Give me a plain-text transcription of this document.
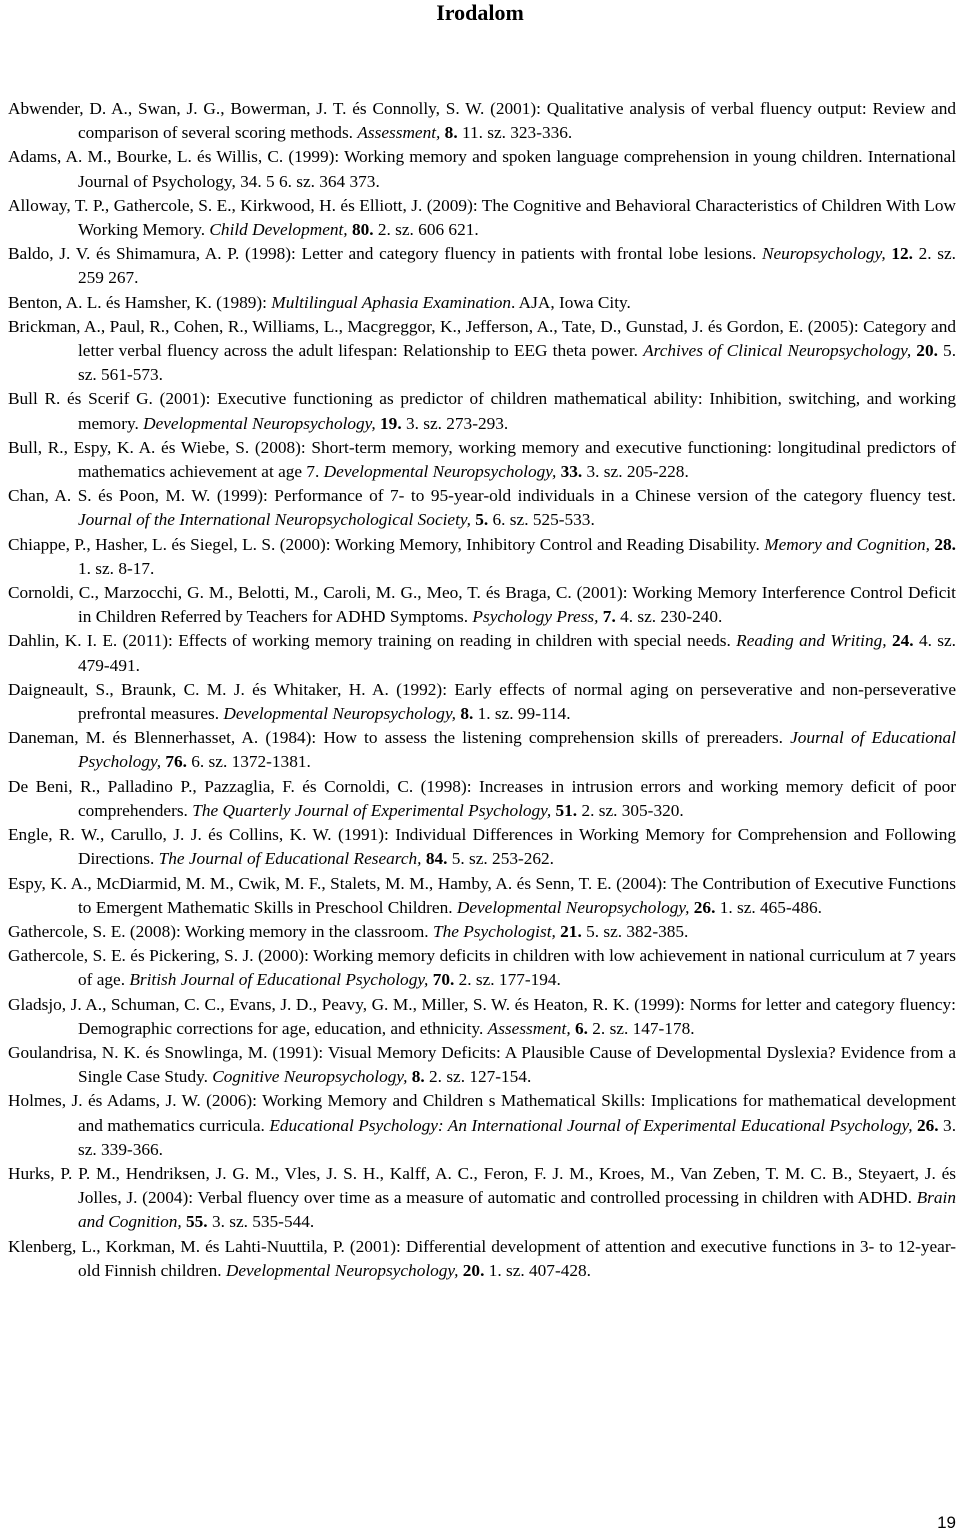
Irodalom

Abwender, D. A., Swan, J. G., Bowerman, J. T. és Connolly, S. W. (2001): Qualitative analysis of verbal fluency output: Review and comparison of several scoring methods. Assessment, 8. 11. sz. 323-336.

Adams, A. M., Bourke, L. és Willis, C. (1999): Working memory and spoken language comprehension in young children. International Journal of Psychology, 34. 5 6. sz. 364 373.

Alloway, T. P., Gathercole, S. E., Kirkwood, H. és Elliott, J. (2009): The Cognitive and Behavioral Characteristics of Children With Low Working Memory. Child Development, 80. 2. sz. 606 621.

Baldo, J. V. és Shimamura, A. P. (1998): Letter and category fluency in patients with frontal lobe lesions. Neuropsychology, 12. 2. sz. 259 267.

Benton, A. L. és Hamsher, K. (1989): Multilingual Aphasia Examination. AJA, Iowa City.

Brickman, A., Paul, R., Cohen, R., Williams, L., Macgreggor, K., Jefferson, A., Tate, D., Gunstad, J. és Gordon, E. (2005): Category and letter verbal fluency across the adult lifespan: Relationship to EEG theta power. Archives of Clinical Neuropsychology, 20. 5. sz. 561-573.

Bull R. és Scerif G. (2001): Executive functioning as predictor of children mathematical ability: Inhibition, switching, and working memory. Developmental Neuropsychology, 19. 3. sz. 273-293.

Bull, R., Espy, K. A. és Wiebe, S. (2008): Short-term memory, working memory and executive functioning: longitudinal predictors of mathematics achievement at age 7. Developmental Neuropsychology, 33. 3. sz. 205-228.

Chan, A. S. és Poon, M. W. (1999): Performance of 7- to 95-year-old individuals in a Chinese version of the category fluency test. Journal of the International Neuropsychological Society, 5. 6. sz. 525-533.

Chiappe, P., Hasher, L. és Siegel, L. S. (2000): Working Memory, Inhibitory Control and Reading Disability. Memory and Cognition, 28. 1. sz. 8-17.

Cornoldi, C., Marzocchi, G. M., Belotti, M., Caroli, M. G., Meo, T. és Braga, C. (2001): Working Memory Interference Control Deficit in Children Referred by Teachers for ADHD Symptoms. Psychology Press, 7. 4. sz. 230-240.

Dahlin, K. I. E. (2011): Effects of working memory training on reading in children with special needs. Reading and Writing, 24. 4. sz. 479-491.

Daigneault, S., Braunk, C. M. J. és Whitaker, H. A. (1992): Early effects of normal aging on perseverative and non-perseverative prefrontal measures. Developmental Neuropsychology, 8. 1. sz. 99-114.

Daneman, M. és Blennerhasset, A. (1984): How to assess the listening comprehension skills of prereaders. Journal of Educational Psychology, 76. 6. sz. 1372-1381.

De Beni, R., Palladino P., Pazzaglia, F. és Cornoldi, C. (1998): Increases in intrusion errors and working memory deficit of poor comprehenders. The Quarterly Journal of Experimental Psychology, 51. 2. sz. 305-320.

Engle, R. W., Carullo, J. J. és Collins, K. W. (1991): Individual Differences in Working Memory for Comprehension and Following Directions. The Journal of Educational Research, 84. 5. sz. 253-262.

Espy, K. A., McDiarmid, M. M., Cwik, M. F., Stalets, M. M., Hamby, A. és Senn, T. E. (2004): The Contribution of Executive Functions to Emergent Mathematic Skills in Preschool Children. Developmental Neuropsychology, 26. 1. sz. 465-486.

Gathercole, S. E. (2008): Working memory in the classroom. The Psychologist, 21. 5. sz. 382-385.

Gathercole, S. E. és Pickering, S. J. (2000): Working memory deficits in children with low achievement in national curriculum at 7 years of age. British Journal of Educational Psychology, 70. 2. sz. 177-194.

Gladsjo, J. A., Schuman, C. C., Evans, J. D., Peavy, G. M., Miller, S. W. és Heaton, R. K. (1999): Norms for letter and category fluency: Demographic corrections for age, education, and ethnicity. Assessment, 6. 2. sz. 147-178.

Goulandrisa, N. K. és Snowlinga, M. (1991): Visual Memory Deficits: A Plausible Cause of Developmental Dyslexia? Evidence from a Single Case Study. Cognitive Neuropsychology, 8. 2. sz. 127-154.

Holmes, J. és Adams, J. W. (2006): Working Memory and Children s Mathematical Skills: Implications for mathematical development and mathematics curricula. Educational Psychology: An International Journal of Experimental Educational Psychology, 26. 3. sz. 339-366.

Hurks, P. P. M., Hendriksen, J. G. M., Vles, J. S. H., Kalff, A. C., Feron, F. J. M., Kroes, M., Van Zeben, T. M. C. B., Steyaert, J. és Jolles, J. (2004): Verbal fluency over time as a measure of automatic and controlled processing in children with ADHD. Brain and Cognition, 55. 3. sz. 535-544.

Klenberg, L., Korkman, M. és Lahti-Nuuttila, P. (2001): Differential development of attention and executive functions in 3- to 12-year-old Finnish children. Developmental Neuropsychology, 20. 1. sz. 407-428.

19
